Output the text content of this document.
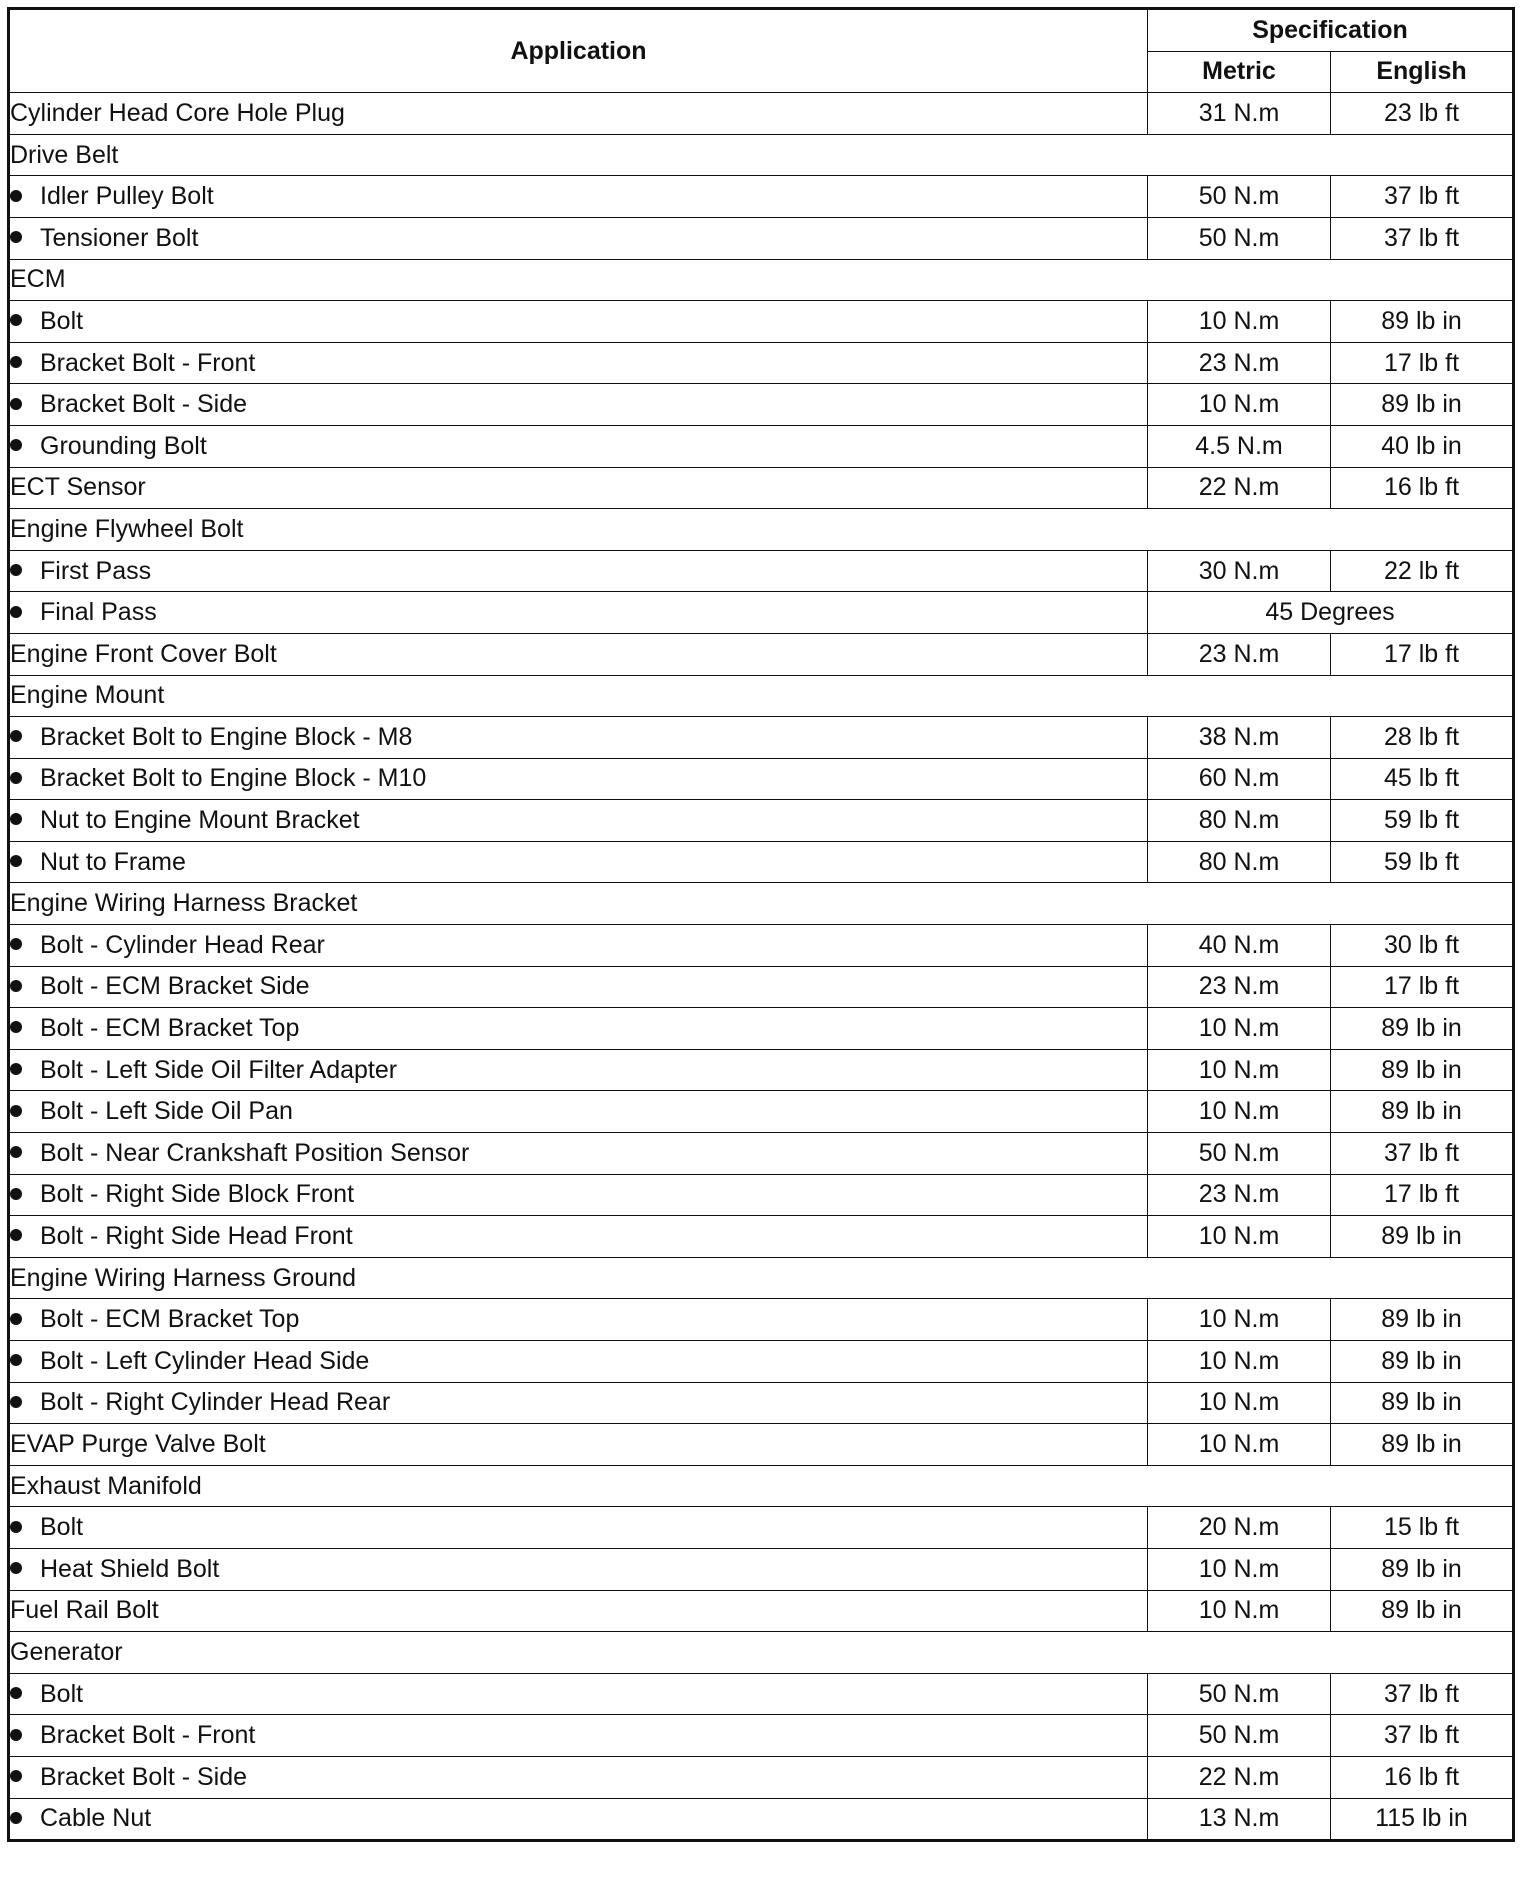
Application	Specification	
	Metric	English
Cylinder Head Core Hole Plug	31 N.m	23 lb ft
Drive Belt		
Idler Pulley Bolt	50 N.m	37 lb ft
Tensioner Bolt	50 N.m	37 lb ft
ECM		
Bolt	10 N.m	89 lb in
Bracket Bolt - Front	23 N.m	17 lb ft
Bracket Bolt - Side	10 N.m	89 lb in
Grounding Bolt	4.5 N.m	40 lb in
ECT Sensor	22 N.m	16 lb ft
Engine Flywheel Bolt		
First Pass	30 N.m	22 lb ft
Final Pass	45 Degrees	
Engine Front Cover Bolt	23 N.m	17 lb ft
Engine Mount		
Bracket Bolt to Engine Block - M8	38 N.m	28 lb ft
Bracket Bolt to Engine Block - M10	60 N.m	45 lb ft
Nut to Engine Mount Bracket	80 N.m	59 lb ft
Nut to Frame	80 N.m	59 lb ft
Engine Wiring Harness Bracket		
Bolt - Cylinder Head Rear	40 N.m	30 lb ft
Bolt - ECM Bracket Side	23 N.m	17 lb ft
Bolt - ECM Bracket Top	10 N.m	89 lb in
Bolt - Left Side Oil Filter Adapter	10 N.m	89 lb in
Bolt - Left Side Oil Pan	10 N.m	89 lb in
Bolt - Near Crankshaft Position Sensor	50 N.m	37 lb ft
Bolt - Right Side Block Front	23 N.m	17 lb ft
Bolt - Right Side Head Front	10 N.m	89 lb in
Engine Wiring Harness Ground		
Bolt - ECM Bracket Top	10 N.m	89 lb in
Bolt - Left Cylinder Head Side	10 N.m	89 lb in
Bolt - Right Cylinder Head Rear	10 N.m	89 lb in
EVAP Purge Valve Bolt	10 N.m	89 lb in
Exhaust Manifold		
Bolt	20 N.m	15 lb ft
Heat Shield Bolt	10 N.m	89 lb in
Fuel Rail Bolt	10 N.m	89 lb in
Generator		
Bolt	50 N.m	37 lb ft
Bracket Bolt - Front	50 N.m	37 lb ft
Bracket Bolt - Side	22 N.m	16 lb ft
Cable Nut	13 N.m	115 lb in
